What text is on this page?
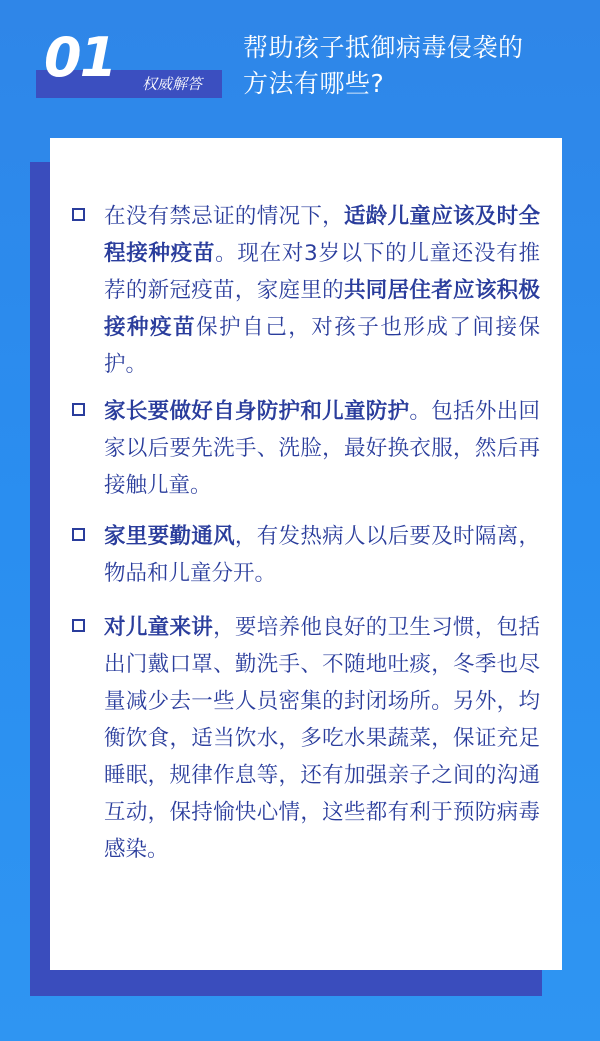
权威解答
01	帮助孩子抵御病毒侵袭的
方法有哪些?
在没有禁忌证的情况下，适龄儿童应该及时全程接种疫苗。现在对3岁以下的儿童还没有推荐的新冠疫苗，家庭里的共同居住者应该积极接种疫苗保护自己，对孩子也形成了间接保护。
家长要做好自身防护和儿童防护。包括外出回家以后要先洗手、洗脸，最好换衣服，然后再接触儿童。
家里要勤通风，有发热病人以后要及时隔离，物品和儿童分开。
对儿童来讲，要培养他良好的卫生习惯，包括出门戴口罩、勤洗手、不随地吐痰，冬季也尽量减少去一些人员密集的封闭场所。另外，均衡饮食，适当饮水，多吃水果蔬菜，保证充足睡眠，规律作息等，还有加强亲子之间的沟通互动，保持愉快心情，这些都有利于预防病毒感染。
